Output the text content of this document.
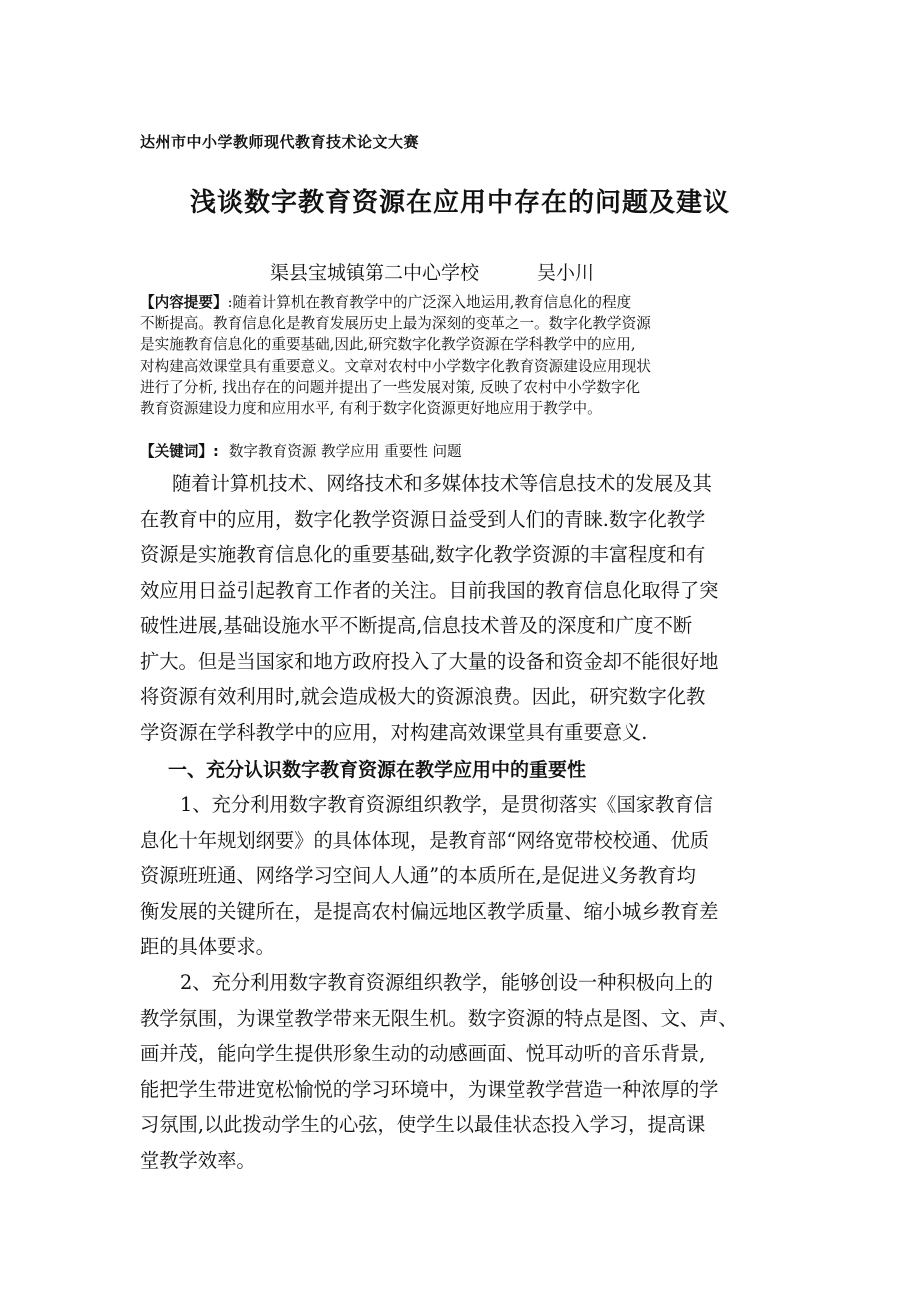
达州市中小学教师现代教育技术论文大赛
浅谈数字教育资源在应用中存在的问题及建议
渠县宝城镇第二中心学校	吴小川
【内容提要】:随着计算机在教育教学中的广泛深入地运用,教育信息化的程度
不断提高。教育信息化是教育发展历史上最为深刻的变革之一。数字化教学资源
是实施教育信息化的重要基础,因此,研究数字化教学资源在学科教学中的应用,
对构建高效课堂具有重要意义。文章对农村中小学数字化教育资源建设应用现状
进行了分析, 找出存在的问题并提出了一些发展对策, 反映了农村中小学数字化
教育资源建设力度和应用水平, 有利于数字化资源更好地应用于教学中。
【关键词】: 数字教育资源 教学应用 重要性 问题
随着计算机技术、网络技术和多媒体技术等信息技术的发展及其
在教育中的应用，数字化教学资源日益受到人们的青睐.数字化教学
资源是实施教育信息化的重要基础,数字化教学资源的丰富程度和有
效应用日益引起教育工作者的关注。目前我国的教育信息化取得了突
破性进展,基础设施水平不断提高,信息技术普及的深度和广度不断
扩大。但是当国家和地方政府投入了大量的设备和资金却不能很好地
将资源有效利用时,就会造成极大的资源浪费。因此，研究数字化教
学资源在学科教学中的应用，对构建高效课堂具有重要意义.
一、充分认识数字教育资源在教学应用中的重要性
1、充分利用数字教育资源组织教学，是贯彻落实《国家教育信
息化十年规划纲要》的具体体现，是教育部“网络宽带校校通、优质
资源班班通、网络学习空间人人通”的本质所在,是促进义务教育均
衡发展的关键所在，是提高农村偏远地区教学质量、缩小城乡教育差
距的具体要求。
2、充分利用数字教育资源组织教学，能够创设一种积极向上的
教学氛围，为课堂教学带来无限生机。数字资源的特点是图、文、声、
画并茂，能向学生提供形象生动的动感画面、悦耳动听的音乐背景,
能把学生带进宽松愉悦的学习环境中，为课堂教学营造一种浓厚的学
习氛围,以此拨动学生的心弦，使学生以最佳状态投入学习，提高课
堂教学效率。
